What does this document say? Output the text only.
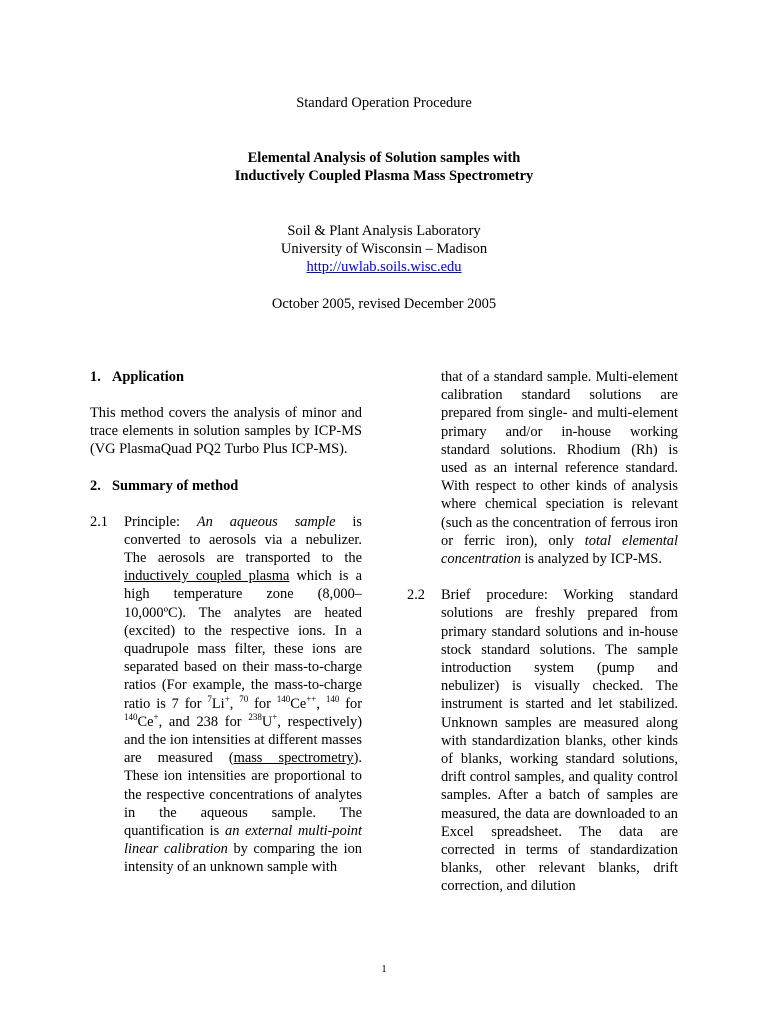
Standard Operation Procedure
Elemental Analysis of Solution samples with
Inductively Coupled Plasma Mass Spectrometry
Soil & Plant Analysis Laboratory
University of Wisconsin – Madison
http://uwlab.soils.wisc.edu
October 2005, revised December 2005
1. Application

This method covers the analysis of minor and trace elements in solution samples by ICP-MS (VG PlasmaQuad PQ2 Turbo Plus ICP-MS).

2. Summary of method
2.1 Principle: An aqueous sample is converted to aerosols via a nebulizer. The aerosols are transported to the inductively coupled plasma which is a high temperature zone (8,000–10,000ºC). The analytes are heated (excited) to the respective ions. In a quadrupole mass filter, these ions are separated based on their mass-to-charge ratios (For example, the mass-to-charge ratio is 7 for $^7$Li+, $^{70}$ for $^{140}$Ce++, $^{140}$ for $^{140}$Ce+, and 238 for $^{238}$U+, respectively) and the ion intensities at different masses are measured (mass spectrometry). These ion intensities are proportional to the respective concentrations of analytes in the aqueous sample. The quantification is an external multi-point linear calibration by comparing the ion intensity of an unknown sample with

that of a standard sample. Multi-element calibration standard solutions are prepared from single- and multi-element primary and/or in-house working standard solutions. Rhodium (Rh) is used as an internal reference standard. With respect to other kinds of analysis where chemical speciation is relevant (such as the concentration of ferrous iron or ferric iron), only total elemental concentration is analyzed by ICP-MS.

2.2 Brief procedure: Working standard solutions are freshly prepared from primary standard solutions and in-house stock standard solutions. The sample introduction system (pump and nebulizer) is visually checked. The instrument is started and let stabilized. Unknown samples are measured along with standardization blanks, other kinds of blanks, working standard solutions, drift control samples, and quality control samples. After a batch of samples are measured, the data are downloaded to an Excel spreadsheet. The data are corrected in terms of standardization blanks, other relevant blanks, drift correction, and dilution

1
